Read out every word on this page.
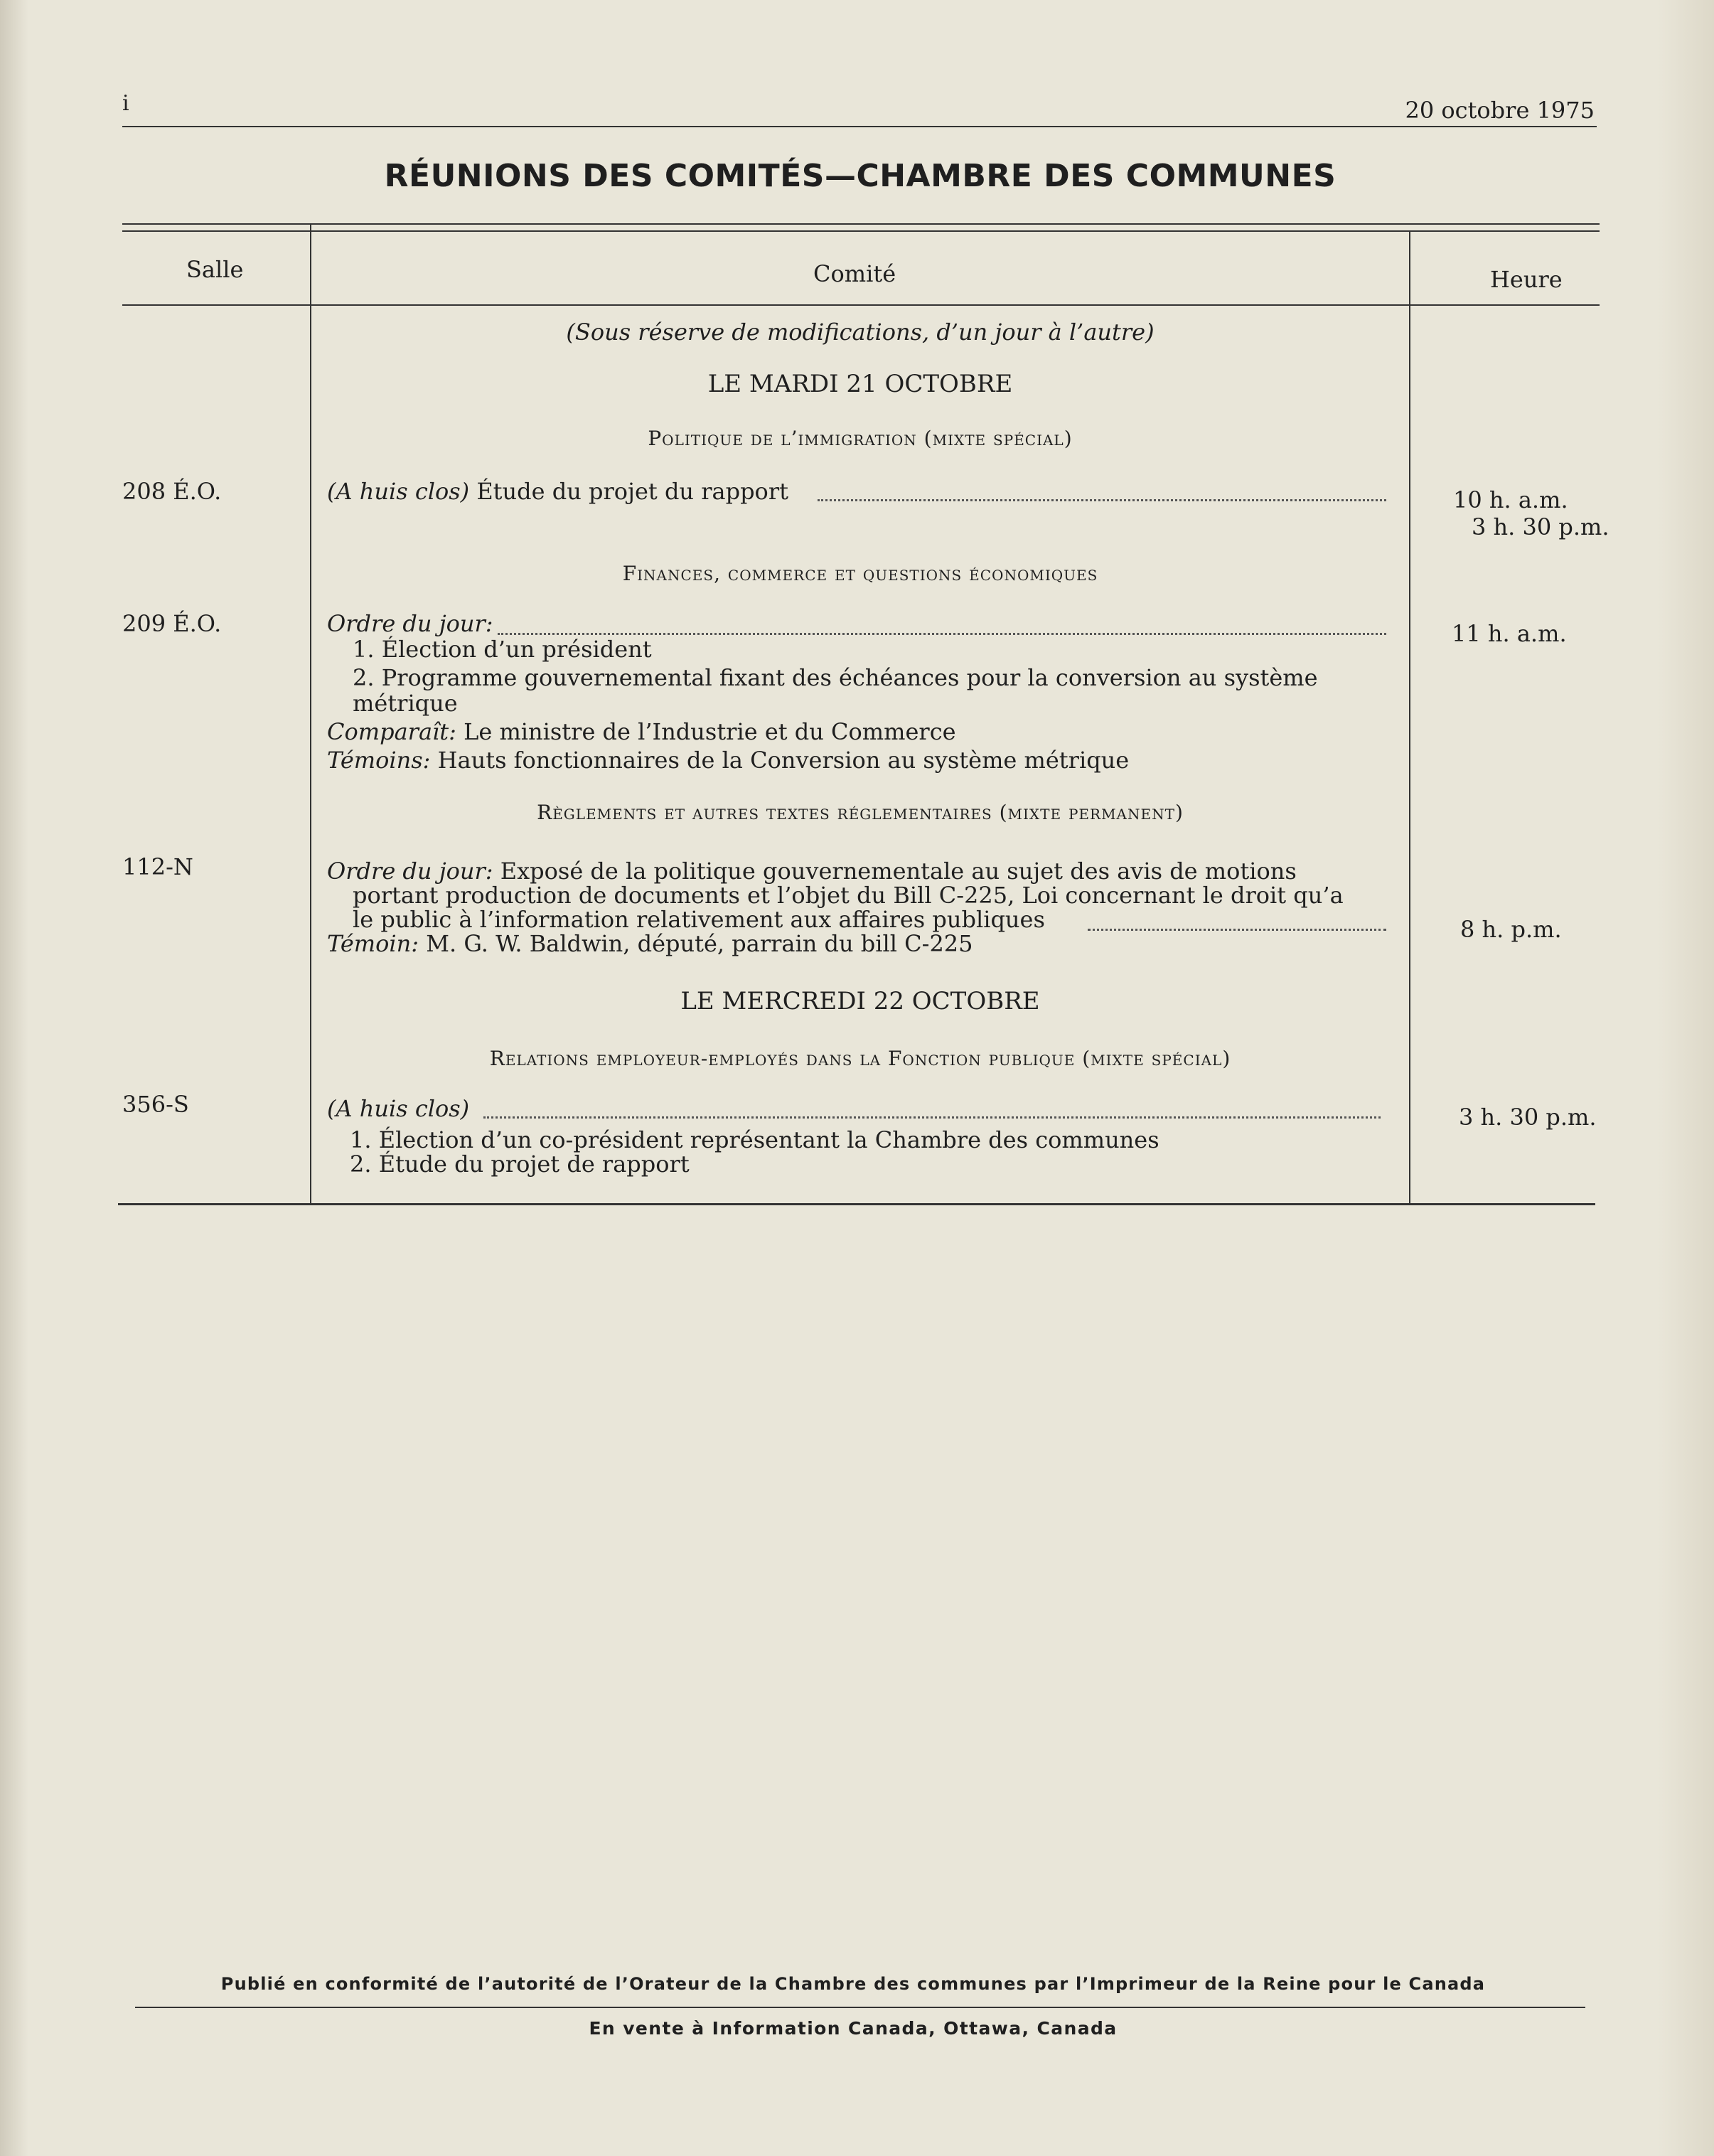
i	20 octobre 1975
RÉUNIONS DES COMITÉS—CHAMBRE DES COMMUNES
Salle	Comité	Heure
(Sous réserve de modifications, d’un jour à l’autre)
LE MARDI 21 OCTOBRE
Politique de l’immigration (mixte spécial)
208 É.O.	(A huis clos) Étude du projet du rapport	10 h. a.m.
3 h. 30 p.m.
Finances, commerce et questions économiques
209 É.O.	Ordre du jour:	11 h. a.m.
1. Élection d’un président
2. Programme gouvernemental fixant des échéances pour la conversion au système
métrique
Comparaît: Le ministre de l’Industrie et du Commerce
Témoins: Hauts fonctionnaires de la Conversion au système métrique
Règlements et autres textes réglementaires (mixte permanent)
112-N	Ordre du jour: Exposé de la politique gouvernementale au sujet des avis de motions
portant production de documents et l’objet du Bill C-225, Loi concernant le droit qu’a
le public à l’information relativement aux affaires publiques	8 h. p.m.
Témoin: M. G. W. Baldwin, député, parrain du bill C-225
LE MERCREDI 22 OCTOBRE
Relations employeur-employés dans la Fonction publique (mixte spécial)
356-S	(A huis clos)	3 h. 30 p.m.
1. Élection d’un co-président représentant la Chambre des communes
2. Étude du projet de rapport
Publié en conformité de l’autorité de l’Orateur de la Chambre des communes par l’Imprimeur de la Reine pour le Canada
En vente à Information Canada, Ottawa, Canada
